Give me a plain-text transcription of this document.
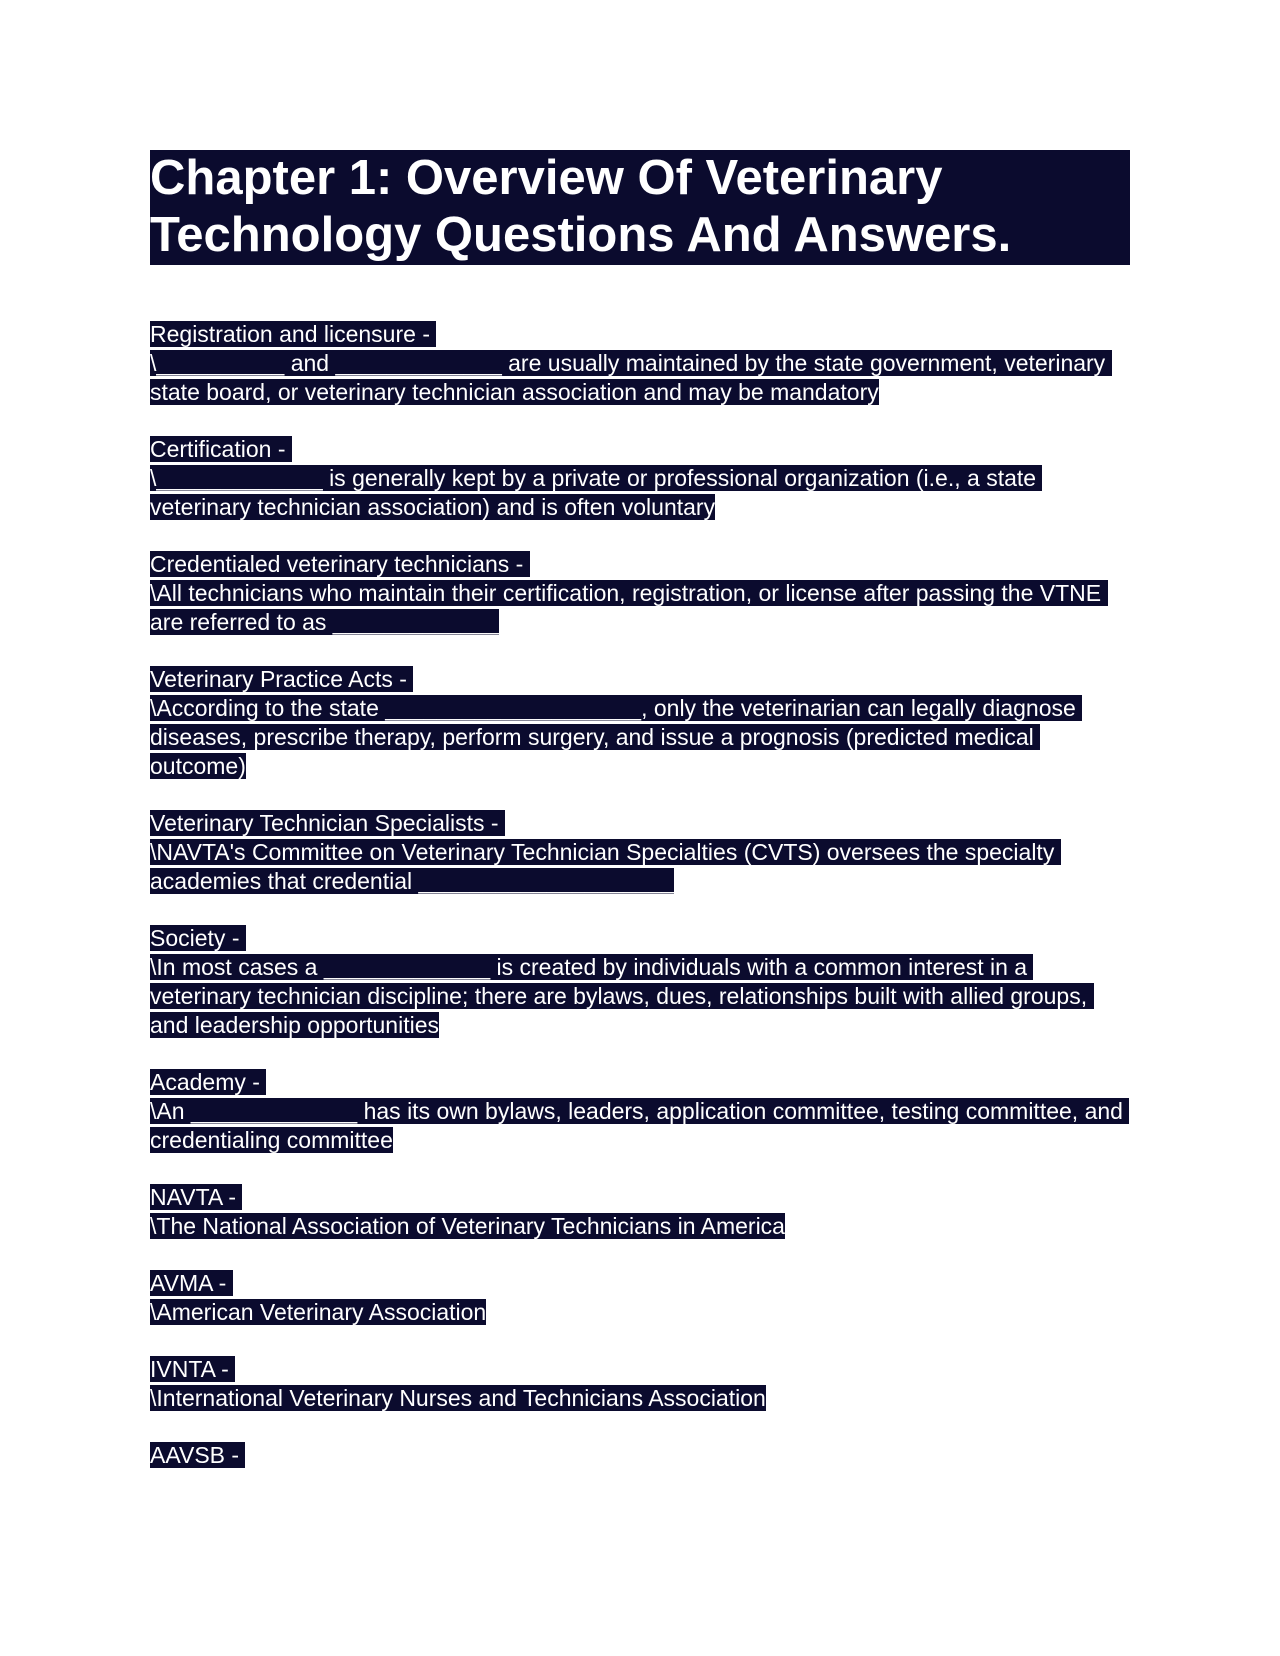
Chapter 1: Overview Of Veterinary Technology Questions And Answers.
Registration and licensure -
\__________ and _____________ are usually maintained by the state government, veterinary state board, or veterinary technician association and may be mandatory
Certification -
\_____________ is generally kept by a private or professional organization (i.e., a state veterinary technician association) and is often voluntary
Credentialed veterinary technicians -
\All technicians who maintain their certification, registration, or license after passing the VTNE are referred to as _____________
Veterinary Practice Acts -
\According to the state ____________________, only the veterinarian can legally diagnose diseases, prescribe therapy, perform surgery, and issue a prognosis (predicted medical outcome)
Veterinary Technician Specialists -
\NAVTA's Committee on Veterinary Technician Specialties (CVTS) oversees the specialty academies that credential ____________________
Society -
\In most cases a _____________ is created by individuals with a common interest in a veterinary technician discipline; there are bylaws, dues, relationships built with allied groups, and leadership opportunities
Academy -
\An _____________ has its own bylaws, leaders, application committee, testing committee, and credentialing committee
NAVTA -
\The National Association of Veterinary Technicians in America
AVMA -
\American Veterinary Association
IVNTA -
\International Veterinary Nurses and Technicians Association
AAVSB -
